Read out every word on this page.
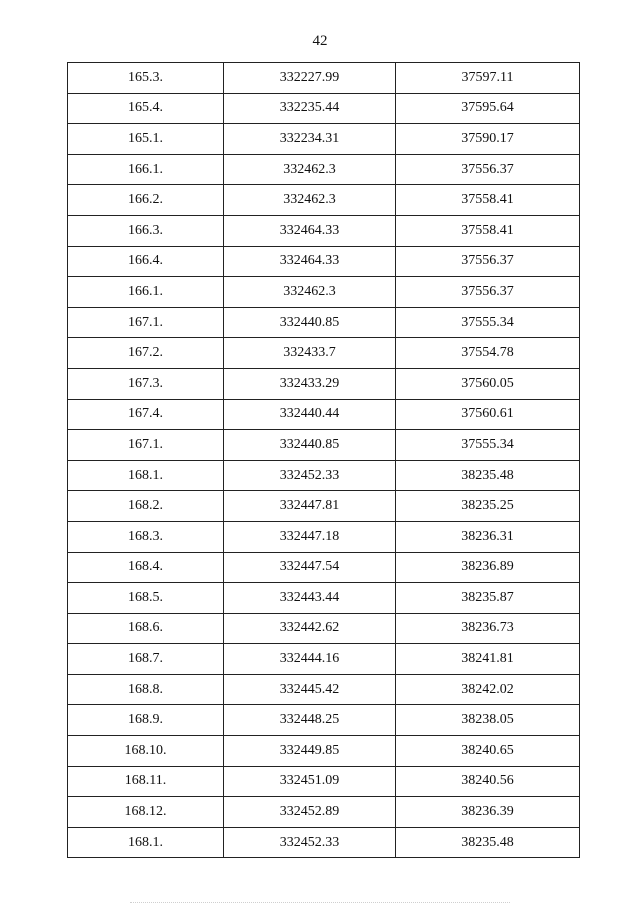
42
165.3.	332227.99	37597.11
165.4.	332235.44	37595.64
165.1.	332234.31	37590.17
166.1.	332462.3	37556.37
166.2.	332462.3	37558.41
166.3.	332464.33	37558.41
166.4.	332464.33	37556.37
166.1.	332462.3	37556.37
167.1.	332440.85	37555.34
167.2.	332433.7	37554.78
167.3.	332433.29	37560.05
167.4.	332440.44	37560.61
167.1.	332440.85	37555.34
168.1.	332452.33	38235.48
168.2.	332447.81	38235.25
168.3.	332447.18	38236.31
168.4.	332447.54	38236.89
168.5.	332443.44	38235.87
168.6.	332442.62	38236.73
168.7.	332444.16	38241.81
168.8.	332445.42	38242.02
168.9.	332448.25	38238.05
168.10.	332449.85	38240.65
168.11.	332451.09	38240.56
168.12.	332452.89	38236.39
168.1.	332452.33	38235.48
